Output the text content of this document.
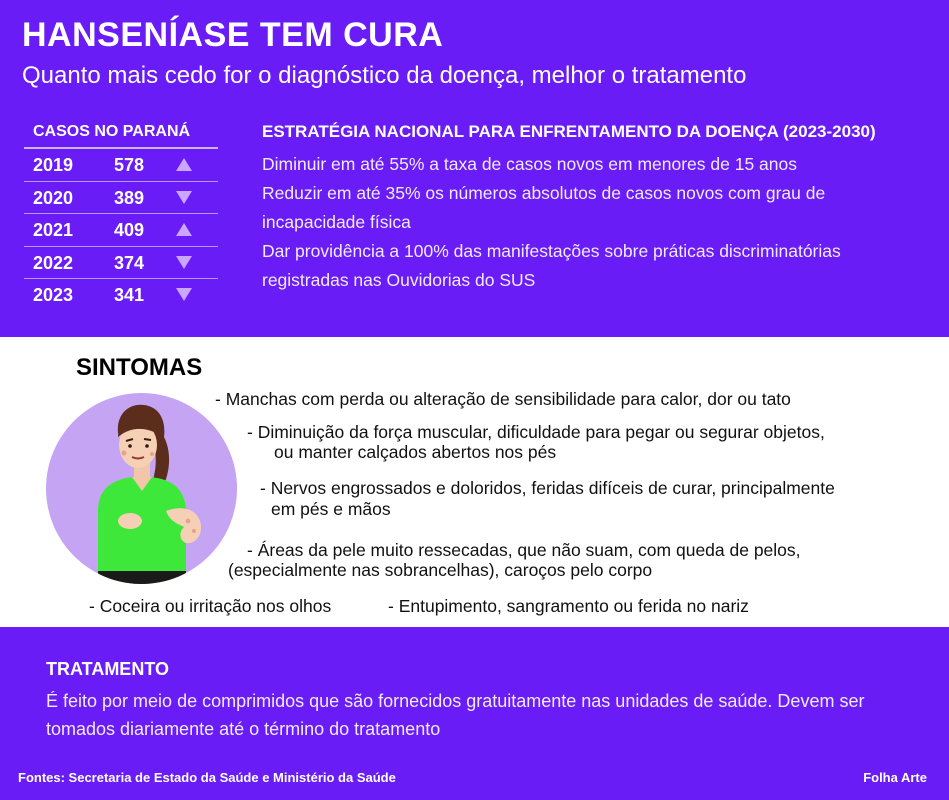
HANSENÍASE TEM CURA
Quanto mais cedo for o diagnóstico da doença, melhor o tratamento
CASOS NO PARANÁ
2019 578
2020 389
2021 409
2022 374
2023 341
ESTRATÉGIA NACIONAL PARA ENFRENTAMENTO DA DOENÇA (2023-2030)
Diminuir em até 55% a taxa de casos novos em menores de 15 anos
Reduzir em até 35% os números absolutos de casos novos com grau de incapacidade física
Dar providência a 100% das manifestações sobre práticas discriminatórias registradas nas Ouvidorias do SUS
SINTOMAS
- Manchas com perda ou alteração de sensibilidade para calor, dor ou tato
- Diminuição da força muscular, dificuldade para pegar ou segurar objetos,
ou manter calçados abertos nos pés
- Nervos engrossados e doloridos, feridas difíceis de curar, principalmente
em pés e mãos
- Áreas da pele muito ressecadas, que não suam, com queda de pelos,
(especialmente nas sobrancelhas), caroços pelo corpo
- Coceira ou irritação nos olhos	- Entupimento, sangramento ou ferida no nariz
TRATAMENTO
É feito por meio de comprimidos que são fornecidos gratuitamente nas unidades de saúde. Devem ser tomados diariamente até o término do tratamento
Fontes: Secretaria de Estado da Saúde e Ministério da Saúde	Folha Arte
